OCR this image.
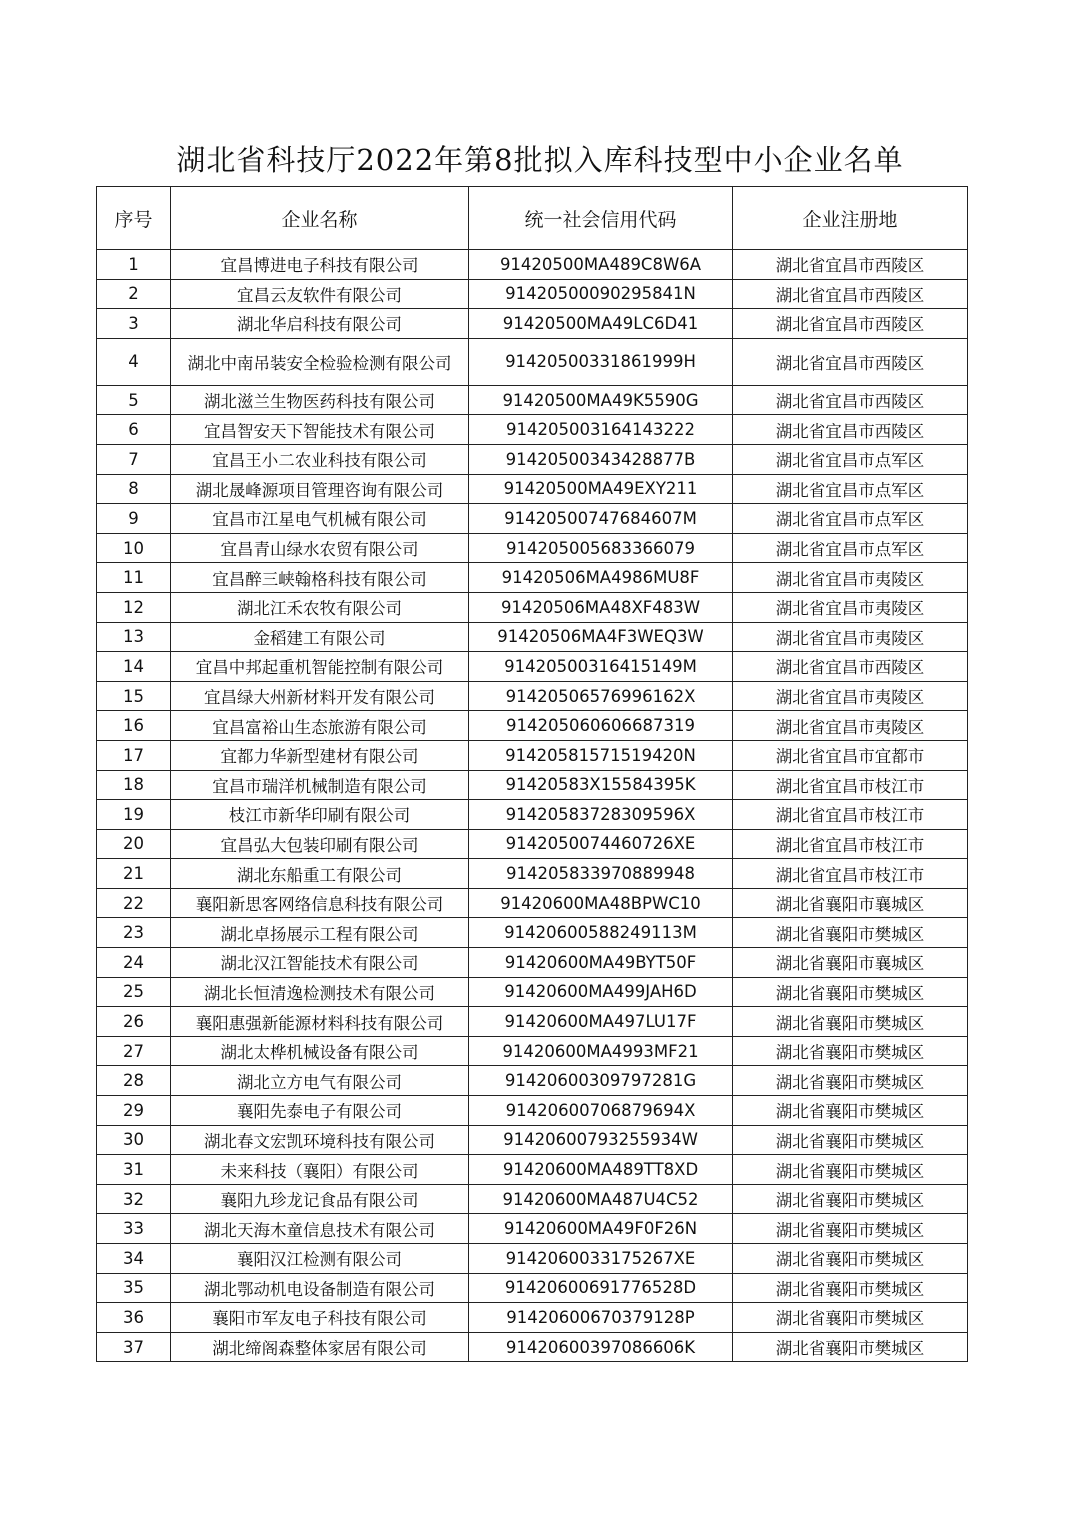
湖北省科技厅2022年第8批拟入库科技型中小企业名单
序号	企业名称	统一社会信用代码	企业注册地
1	宜昌博进电子科技有限公司	91420500MA489C8W6A	湖北省宜昌市西陵区
2	宜昌云友软件有限公司	91420500090295841N	湖北省宜昌市西陵区
3	湖北华启科技有限公司	91420500MA49LC6D41	湖北省宜昌市西陵区
4	湖北中南吊装安全检验检测有限公司	91420500331861999H	湖北省宜昌市西陵区
5	湖北滋兰生物医药科技有限公司	91420500MA49K5590G	湖北省宜昌市西陵区
6	宜昌智安天下智能技术有限公司	914205003164143222	湖北省宜昌市西陵区
7	宜昌王小二农业科技有限公司	91420500343428877B	湖北省宜昌市点军区
8	湖北晟峰源项目管理咨询有限公司	91420500MA49EXY211	湖北省宜昌市点军区
9	宜昌市江星电气机械有限公司	91420500747684607M	湖北省宜昌市点军区
10	宜昌青山绿水农贸有限公司	914205005683366079	湖北省宜昌市点军区
11	宜昌醉三峡翰格科技有限公司	91420506MA4986MU8F	湖北省宜昌市夷陵区
12	湖北江禾农牧有限公司	91420506MA48XF483W	湖北省宜昌市夷陵区
13	金稻建工有限公司	91420506MA4F3WEQ3W	湖北省宜昌市夷陵区
14	宜昌中邦起重机智能控制有限公司	91420500316415149M	湖北省宜昌市西陵区
15	宜昌绿大州新材料开发有限公司	91420506576996162X	湖北省宜昌市夷陵区
16	宜昌富裕山生态旅游有限公司	914205060606687319	湖北省宜昌市夷陵区
17	宜都力华新型建材有限公司	91420581571519420N	湖北省宜昌市宜都市
18	宜昌市瑞洋机械制造有限公司	91420583X15584395K	湖北省宜昌市枝江市
19	枝江市新华印刷有限公司	91420583728309596X	湖北省宜昌市枝江市
20	宜昌弘大包装印刷有限公司	9142050074460726XE	湖北省宜昌市枝江市
21	湖北东船重工有限公司	914205833970889948	湖北省宜昌市枝江市
22	襄阳新思客网络信息科技有限公司	91420600MA48BPWC10	湖北省襄阳市襄城区
23	湖北卓扬展示工程有限公司	91420600588249113M	湖北省襄阳市樊城区
24	湖北汉江智能技术有限公司	91420600MA49BYT50F	湖北省襄阳市襄城区
25	湖北长恒清逸检测技术有限公司	91420600MA499JAH6D	湖北省襄阳市樊城区
26	襄阳惠强新能源材料科技有限公司	91420600MA497LU17F	湖北省襄阳市樊城区
27	湖北太桦机械设备有限公司	91420600MA4993MF21	湖北省襄阳市樊城区
28	湖北立方电气有限公司	91420600309797281G	湖北省襄阳市樊城区
29	襄阳先泰电子有限公司	91420600706879694X	湖北省襄阳市樊城区
30	湖北春文宏凯环境科技有限公司	91420600793255934W	湖北省襄阳市樊城区
31	未来科技（襄阳）有限公司	91420600MA489TT8XD	湖北省襄阳市樊城区
32	襄阳九珍龙记食品有限公司	91420600MA487U4C52	湖北省襄阳市樊城区
33	湖北天海木童信息技术有限公司	91420600MA49F0F26N	湖北省襄阳市樊城区
34	襄阳汉江检测有限公司	9142060033175267XE	湖北省襄阳市樊城区
35	湖北鄂动机电设备制造有限公司	91420600691776528D	湖北省襄阳市樊城区
36	襄阳市军友电子科技有限公司	91420600670379128P	湖北省襄阳市樊城区
37	湖北缔阁森整体家居有限公司	91420600397086606K	湖北省襄阳市樊城区
